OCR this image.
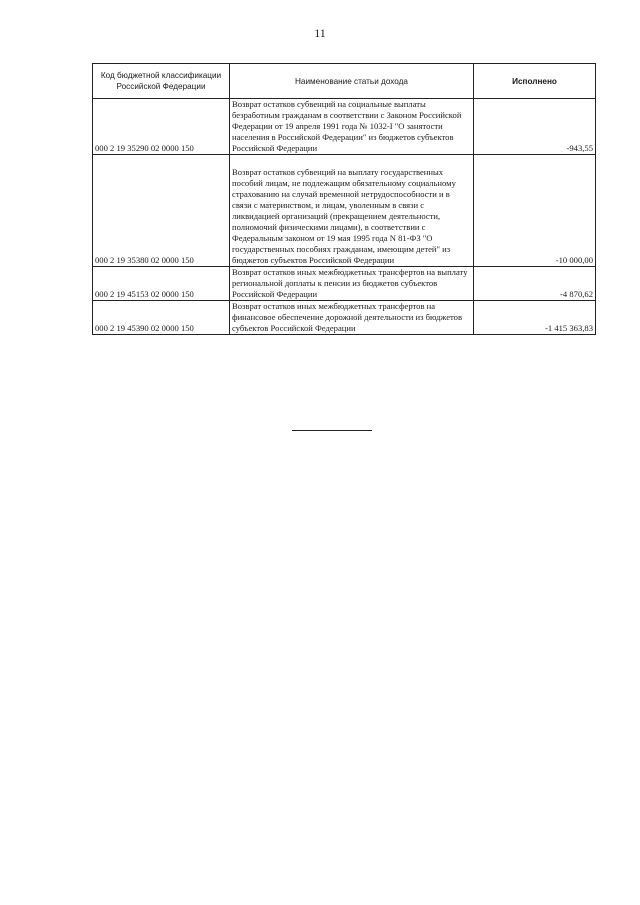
11
Код бюджетной классификации Российской Федерации	Наименование статьи дохода	Исполнено
000 2 19 35290 02 0000 150	Возврат остатков субвенций на социальные выплаты безработным гражданам в соответствии с Законом Российской Федерации от 19 апреля 1991 года № 1032-I "О занятости населения в Российской Федерации" из бюджетов субъектов Российской Федерации	-943,55
000 2 19 35380 02 0000 150	Возврат остатков субвенций на выплату государственных пособий лицам, не подлежащим обязательному социальному страхованию на случай временной нетрудоспособности и в связи с материнством, и лицам, уволенным в связи с ликвидацией организаций (прекращением деятельности, полномочий физическими лицами), в соответствии с Федеральным законом от 19 мая 1995 года N 81-ФЗ "О государственных пособиях гражданам, имеющим детей" из бюджетов субъектов Российской Федерации	-10 000,00
000 2 19 45153 02 0000 150	Возврат остатков иных межбюджетных трансфертов на выплату региональной доплаты к пенсии из бюджетов субъектов Российской Федерации	-4 870,62
000 2 19 45390 02 0000 150	Возврат остатков иных межбюджетных трансфертов на финансовое обеспечение дорожной деятельности из бюджетов субъектов Российской Федерации	-1 415 363,83
